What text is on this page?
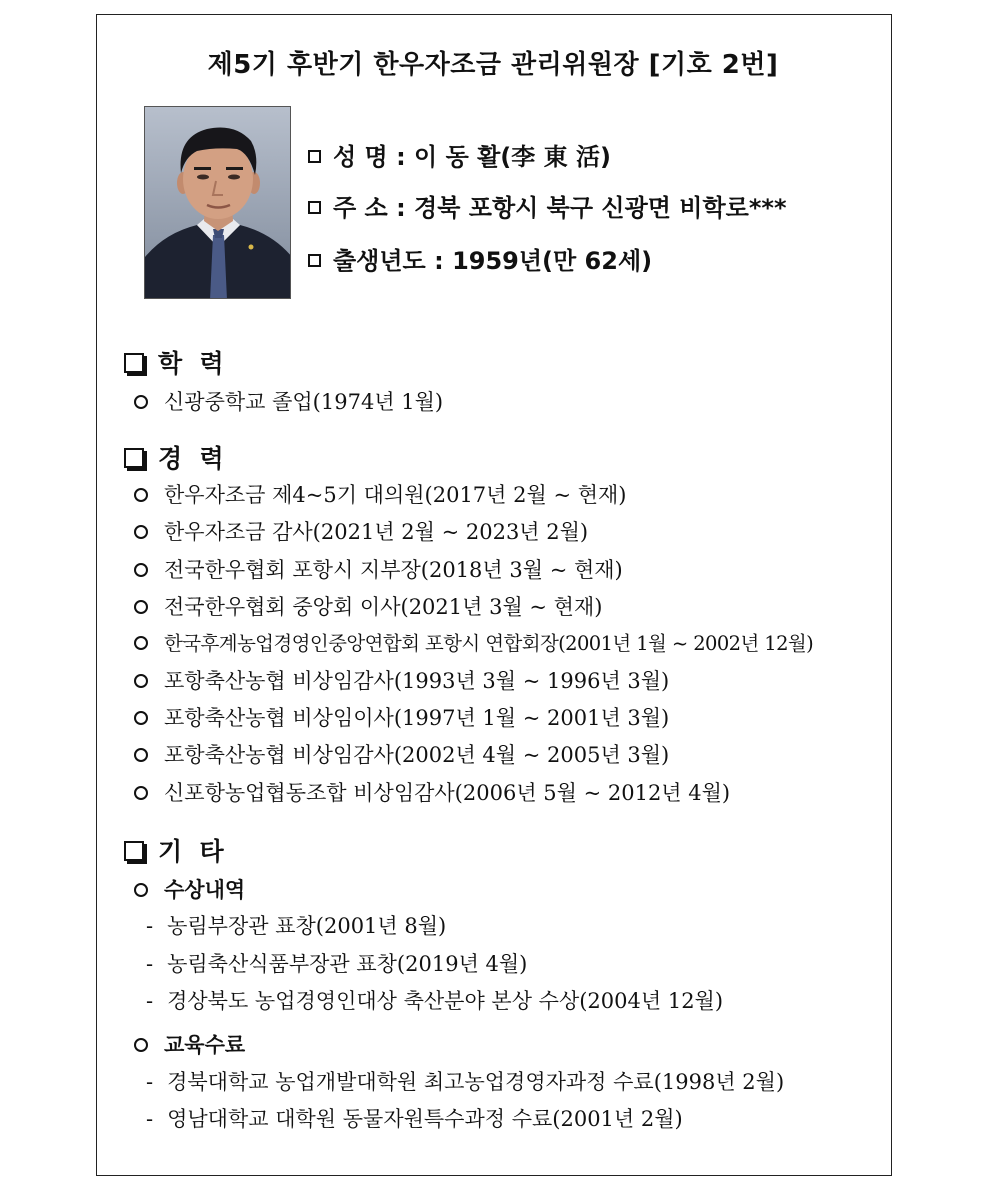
제5기 후반기 한우자조금 관리위원장 [기호 2번]
성 명 : 이 동 활(李 東 活)
주 소 : 경북 포항시 북구 신광면 비학로***
출생년도 : 1959년(만 62세)
학  력
신광중학교 졸업(1974년 1월)
경  력
한우자조금 제4~5기 대의원(2017년 2월 ~ 현재)
한우자조금 감사(2021년 2월 ~ 2023년 2월)
전국한우협회 포항시 지부장(2018년 3월 ~ 현재)
전국한우협회 중앙회 이사(2021년 3월 ~ 현재)
한국후계농업경영인중앙연합회 포항시 연합회장(2001년 1월 ~ 2002년 12월)
포항축산농협 비상임감사(1993년 3월 ~ 1996년 3월)
포항축산농협 비상임이사(1997년 1월 ~ 2001년 3월)
포항축산농협 비상임감사(2002년 4월 ~ 2005년 3월)
신포항농업협동조합 비상임감사(2006년 5월 ~ 2012년 4월)
기  타
수상내역
- 농림부장관 표창(2001년 8월)
- 농림축산식품부장관 표창(2019년 4월)
- 경상북도 농업경영인대상 축산분야 본상 수상(2004년 12월)
교육수료
- 경북대학교 농업개발대학원 최고농업경영자과정 수료(1998년 2월)
- 영남대학교 대학원 동물자원특수과정 수료(2001년 2월)
